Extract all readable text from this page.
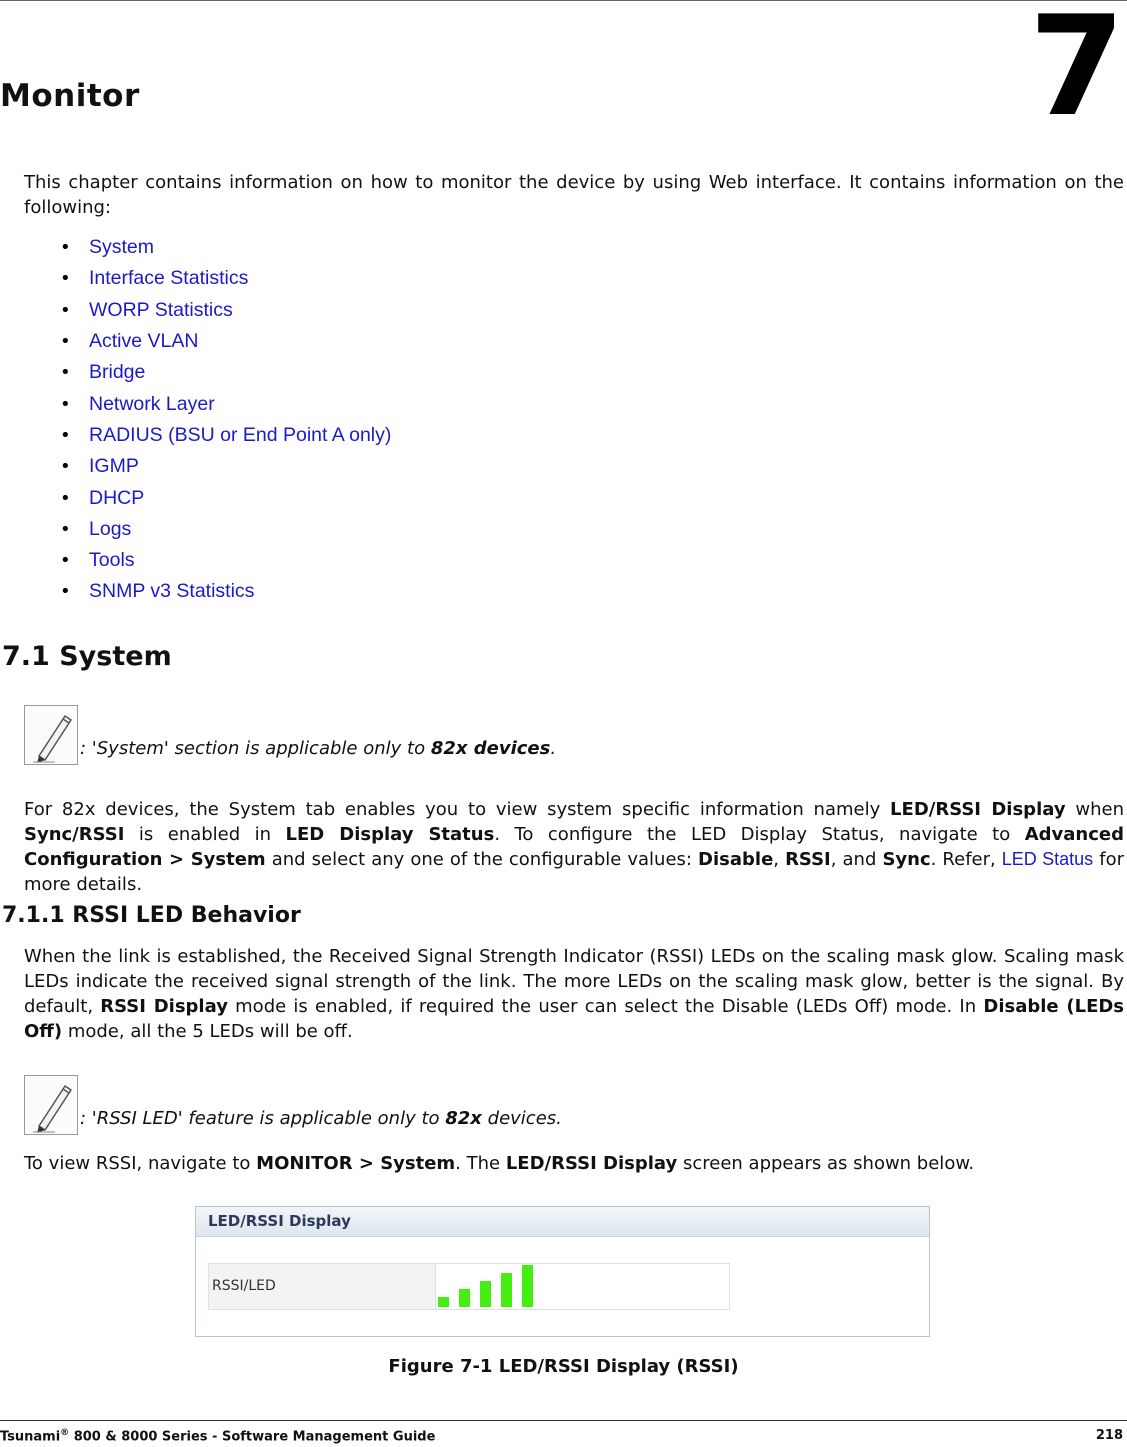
Monitor	7

This chapter contains information on how to monitor the device by using Web interface. It contains information on the following:

• System
• Interface Statistics
• WORP Statistics
• Active VLAN
• Bridge
• Network Layer
• RADIUS (BSU or End Point A only)
• IGMP
• DHCP
• Logs
• Tools
• SNMP v3 Statistics
7.1 System
: 'System' section is applicable only to 82x devices.

For 82x devices, the System tab enables you to view system specific information namely LED/RSSI Display when Sync/RSSI is enabled in LED Display Status. To configure the LED Display Status, navigate to Advanced Configuration > System and select any one of the configurable values: Disable, RSSI, and Sync. Refer, LED Status for more details.

7.1.1 RSSI LED Behavior

When the link is established, the Received Signal Strength Indicator (RSSI) LEDs on the scaling mask glow. Scaling mask LEDs indicate the received signal strength of the link. The more LEDs on the scaling mask glow, better is the signal. By default, RSSI Display mode is enabled, if required the user can select the Disable (LEDs Off) mode. In Disable (LEDs Off) mode, all the 5 LEDs will be off.

: 'RSSI LED' feature is applicable only to 82x devices.

To view RSSI, navigate to MONITOR > System. The LED/RSSI Display screen appears as shown below.

LED/RSSI Display
RSSI/LED

Figure 7-1 LED/RSSI Display (RSSI)

Tsunami® 800 & 8000 Series - Software Management Guide	218
